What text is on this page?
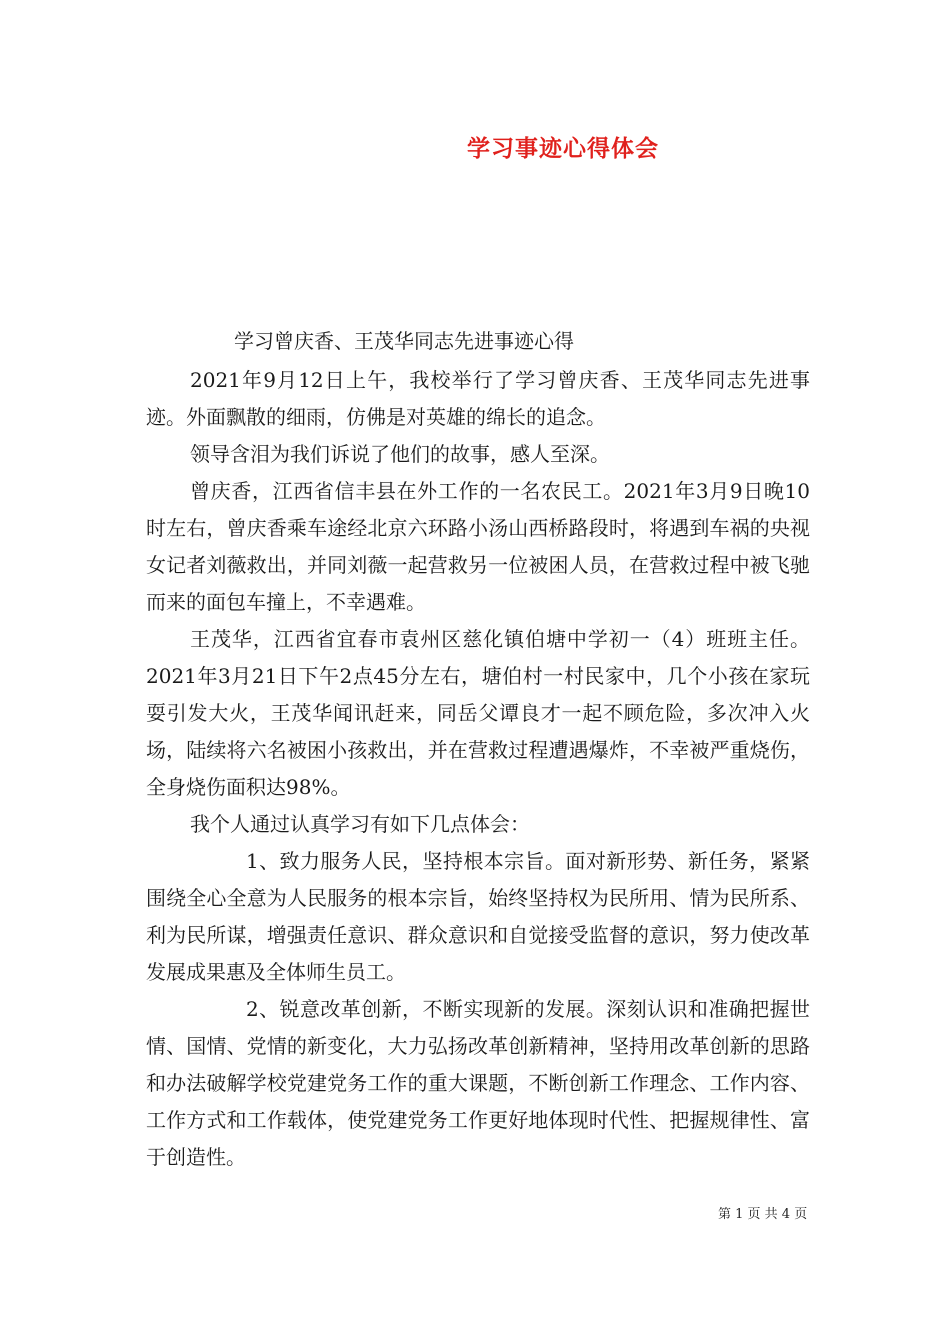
学习事迹心得体会

学习曾庆香、王茂华同志先进事迹心得

2021年9月12日上午，我校举行了学习曾庆香、王茂华同志先进事迹。外面飘散的细雨，仿佛是对英雄的绵长的追念。

领导含泪为我们诉说了他们的故事，感人至深。

曾庆香，江西省信丰县在外工作的一名农民工。2021年3月9日晚10时左右，曾庆香乘车途经北京六环路小汤山西桥路段时，将遇到车祸的央视女记者刘薇救出，并同刘薇一起营救另一位被困人员，在营救过程中被飞驰而来的面包车撞上，不幸遇难。

王茂华，江西省宜春市袁州区慈化镇伯塘中学初一（4）班班主任。2021年3月21日下午2点45分左右，塘伯村一村民家中，几个小孩在家玩耍引发大火，王茂华闻讯赶来，同岳父谭良才一起不顾危险，多次冲入火场，陆续将六名被困小孩救出，并在营救过程遭遇爆炸，不幸被严重烧伤，全身烧伤面积达98%。

我个人通过认真学习有如下几点体会：

1、致力服务人民，坚持根本宗旨。面对新形势、新任务，紧紧围绕全心全意为人民服务的根本宗旨，始终坚持权为民所用、情为民所系、利为民所谋，增强责任意识、群众意识和自觉接受监督的意识，努力使改革发展成果惠及全体师生员工。

2、锐意改革创新，不断实现新的发展。深刻认识和准确把握世情、国情、党情的新变化，大力弘扬改革创新精神，坚持用改革创新的思路和办法破解学校党建党务工作的重大课题，不断创新工作理念、工作内容、工作方式和工作载体，使党建党务工作更好地体现时代性、把握规律性、富于创造性。

第 1 页 共 4 页
